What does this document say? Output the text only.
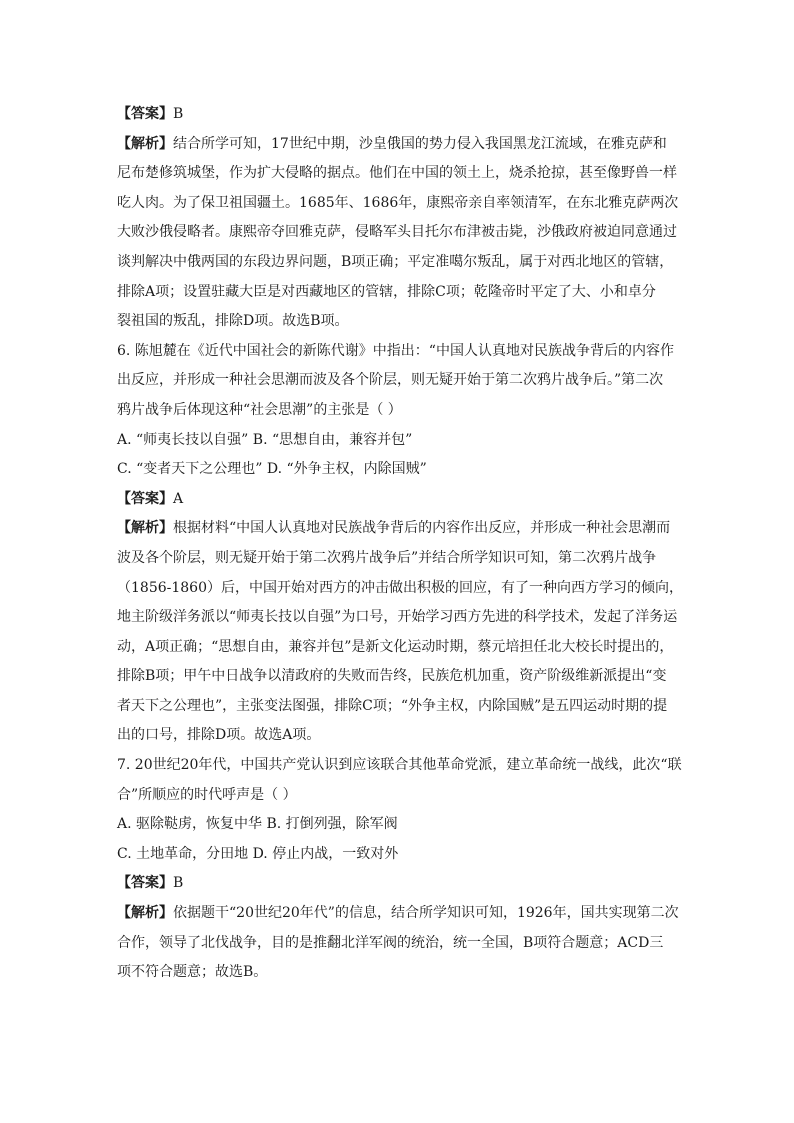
【答案】B
【解析】结合所学可知，17世纪中期，沙皇俄国的势力侵入我国黑龙江流域，在雅克萨和
尼布楚修筑城堡，作为扩大侵略的据点。他们在中国的领土上，烧杀抢掠，甚至像野兽一样
吃人肉。为了保卫祖国疆土。1685年、1686年，康熙帝亲自率领清军，在东北雅克萨两次
大败沙俄侵略者。康熙帝夺回雅克萨，侵略军头目托尔布津被击毙，沙俄政府被迫同意通过
谈判解决中俄两国的东段边界问题，B项正确；平定准噶尔叛乱，属于对西北地区的管辖，
排除A项；设置驻藏大臣是对西藏地区的管辖，排除C项；乾隆帝时平定了大、小和卓分
裂祖国的叛乱，排除D项。故选B项。
6. 陈旭麓在《近代中国社会的新陈代谢》中指出：“中国人认真地对民族战争背后的内容作
出反应，并形成一种社会思潮而波及各个阶层，则无疑开始于第二次鸦片战争后。”第二次
鸦片战争后体现这种“社会思潮”的主张是（ ）
A. “师夷长技以自强” B. “思想自由，兼容并包”
C. “变者天下之公理也” D. “外争主权，内除国贼”
【答案】A
【解析】根据材料“中国人认真地对民族战争背后的内容作出反应，并形成一种社会思潮而
波及各个阶层，则无疑开始于第二次鸦片战争后”并结合所学知识可知，第二次鸦片战争
（1856-1860）后，中国开始对西方的冲击做出积极的回应，有了一种向西方学习的倾向，
地主阶级洋务派以“师夷长技以自强”为口号，开始学习西方先进的科学技术，发起了洋务运
动，A项正确；“思想自由，兼容并包”是新文化运动时期，蔡元培担任北大校长时提出的，
排除B项；甲午中日战争以清政府的失败而告终，民族危机加重，资产阶级维新派提出“变
者天下之公理也”，主张变法图强，排除C项；“外争主权，内除国贼”是五四运动时期的提
出的口号，排除D项。故选A项。
7. 20世纪20年代，中国共产党认识到应该联合其他革命党派，建立革命统一战线，此次“联
合”所顺应的时代呼声是（ ）
A. 驱除鞑虏，恢复中华 B. 打倒列强，除军阀
C. 土地革命，分田地 D. 停止内战，一致对外
【答案】B
【解析】依据题干“20世纪20年代”的信息，结合所学知识可知，1926年，国共实现第二次
合作，领导了北伐战争，目的是推翻北洋军阀的统治，统一全国，B项符合题意；ACD三
项不符合题意；故选B。
